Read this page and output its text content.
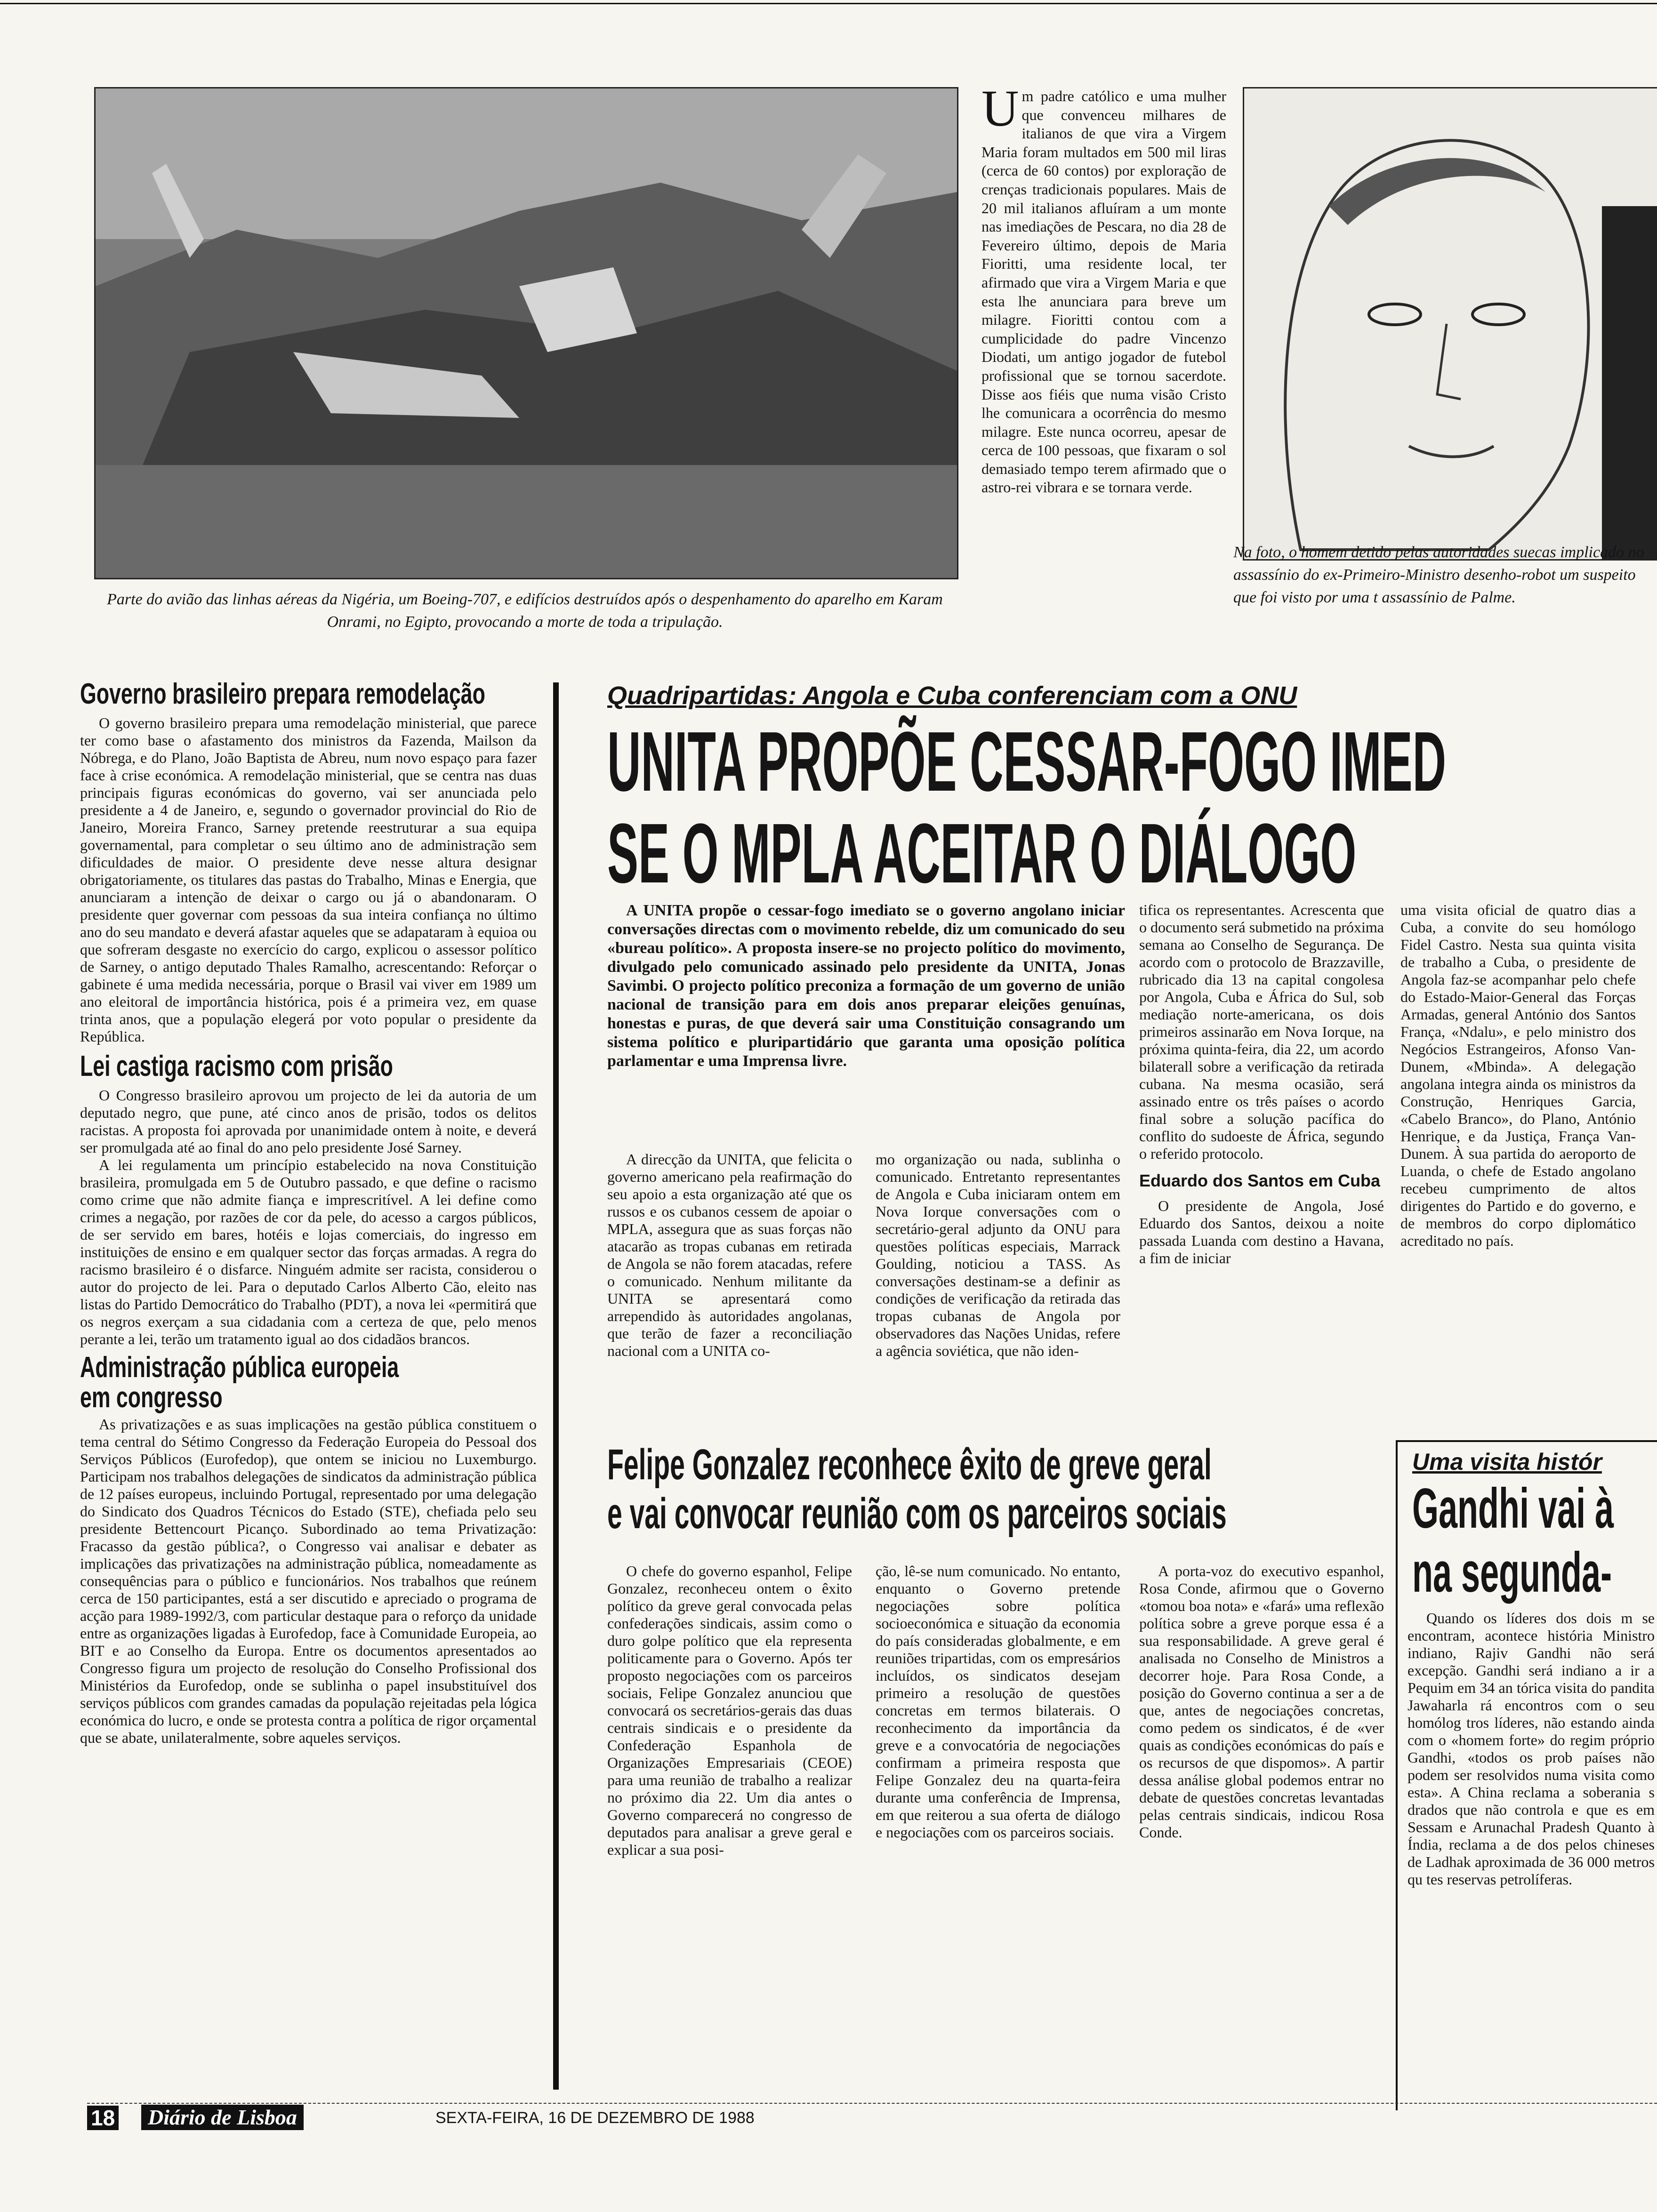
Parte do avião das linhas aéreas da Nigéria, um Boeing-707, e edifícios destruídos após o despenhamento do aparelho em Karam Onrami, no Egipto, provocando a morte de toda a tripulação.
Um padre católico e uma mulher que convenceu milhares de italianos de que vira a Virgem Maria foram multados em 500 mil liras (cerca de 60 contos) por exploração de crenças tradicionais populares. Mais de 20 mil italianos afluíram a um monte nas imediações de Pescara, no dia 28 de Fevereiro último, depois de Maria Fioritti, uma residente local, ter afirmado que vira a Virgem Maria e que esta lhe anunciara para breve um milagre. Fioritti contou com a cumplicidade do padre Vincenzo Diodati, um antigo jogador de futebol profissional que se tornou sacerdote. Disse aos fiéis que numa visão Cristo lhe comunicara a ocorrência do mesmo milagre. Este nunca ocorreu, apesar de cerca de 100 pessoas, que fixaram o sol demasiado tempo terem afirmado que o astro-rei vibrara e se tornara verde.
Na foto, o homem detido pelas autoridades suecas implicado no assassínio do ex-Primeiro-Ministro desenho-robot um suspeito que foi visto por uma t assassínio de Palme.
Governo brasileiro prepara remodelação

O governo brasileiro prepara uma remodelação ministerial, que parece ter como base o afastamento dos ministros da Fazenda, Mailson da Nóbrega, e do Plano, João Baptista de Abreu, num novo espaço para fazer face à crise económica. A remodelação ministerial, que se centra nas duas principais figuras económicas do governo, vai ser anunciada pelo presidente a 4 de Janeiro, e, segundo o governador provincial do Rio de Janeiro, Moreira Franco, Sarney pretende reestruturar a sua equipa governamental, para completar o seu último ano de administração sem dificuldades de maior. O presidente deve nesse altura designar obrigatoriamente, os titulares das pastas do Trabalho, Minas e Energia, que anunciaram a intenção de deixar o cargo ou já o abandonaram. O presidente quer governar com pessoas da sua inteira confiança no último ano do seu mandato e deverá afastar aqueles que se adapataram à equioa ou que sofreram desgaste no exercício do cargo, explicou o assessor político de Sarney, o antigo deputado Thales Ramalho, acrescentando: Reforçar o gabinete é uma medida necessária, porque o Brasil vai viver em 1989 um ano eleitoral de importância histórica, pois é a primeira vez, em quase trinta anos, que a população elegerá por voto popular o presidente da República.

Lei castiga racismo com prisão

O Congresso brasileiro aprovou um projecto de lei da autoria de um deputado negro, que pune, até cinco anos de prisão, todos os delitos racistas. A proposta foi aprovada por unanimidade ontem à noite, e deverá ser promulgada até ao final do ano pelo presidente José Sarney.

A lei regulamenta um princípio estabelecido na nova Constituição brasileira, promulgada em 5 de Outubro passado, e que define o racismo como crime que não admite fiança e imprescritível. A lei define como crimes a negação, por razões de cor da pele, do acesso a cargos públicos, de ser servido em bares, hotéis e lojas comerciais, do ingresso em instituições de ensino e em qualquer sector das forças armadas. A regra do racismo brasileiro é o disfarce. Ninguém admite ser racista, considerou o autor do projecto de lei. Para o deputado Carlos Alberto Cão, eleito nas listas do Partido Democrático do Trabalho (PDT), a nova lei «permitirá que os negros exerçam a sua cidadania com a certeza de que, pelo menos perante a lei, terão um tratamento igual ao dos cidadãos brancos.

Administração pública europeia
em congresso

As privatizações e as suas implicações na gestão pública constituem o tema central do Sétimo Congresso da Federação Europeia do Pessoal dos Serviços Públicos (Eurofedop), que ontem se iniciou no Luxemburgo. Participam nos trabalhos delegações de sindicatos da administração pública de 12 países europeus, incluindo Portugal, representado por uma delegação do Sindicato dos Quadros Técnicos do Estado (STE), chefiada pelo seu presidente Bettencourt Picanço. Subordinado ao tema Privatização: Fracasso da gestão pública?, o Congresso vai analisar e debater as implicações das privatizações na administração pública, nomeadamente as consequências para o público e funcionários. Nos trabalhos que reúnem cerca de 150 participantes, está a ser discutido e apreciado o programa de acção para 1989-1992/3, com particular destaque para o reforço da unidade entre as organizações ligadas à Eurofedop, face à Comunidade Europeia, ao BIT e ao Conselho da Europa. Entre os documentos apresentados ao Congresso figura um projecto de resolução do Conselho Profissional dos Ministérios da Eurofedop, onde se sublinha o papel insubstituível dos serviços públicos com grandes camadas da população rejeitadas pela lógica económica do lucro, e onde se protesta contra a política de rigor orçamental que se abate, unilateralmente, sobre aqueles serviços.

Quadripartidas: Angola e Cuba conferenciam com a ONU
UNITA PROPÕE CESSAR-FOGO IMED
SE O MPLA ACEITAR O DIÁLOGO

A UNITA propõe o cessar-fogo imediato se o governo angolano iniciar conversações directas com o movimento rebelde, diz um comunicado do seu «bureau político». A proposta insere-se no projecto político do movimento, divulgado pelo comunicado assinado pelo presidente da UNITA, Jonas Savimbi. O projecto político preconiza a formação de um governo de união nacional de transição para em dois anos preparar eleições genuínas, honestas e puras, de que deverá sair uma Constituição consagrando um sistema político e pluripartidário que garanta uma oposição política parlamentar e uma Imprensa livre.

A direcção da UNITA, que felicita o governo americano pela reafirmação do seu apoio a esta organização até que os russos e os cubanos cessem de apoiar o MPLA, assegura que as suas forças não atacarão as tropas cubanas em retirada de Angola se não forem atacadas, refere o comunicado. Nenhum militante da UNITA se apresentará como arrependido às autoridades angolanas, que terão de fazer a reconciliação nacional com a UNITA co-

mo organização ou nada, sublinha o comunicado. Entretanto representantes de Angola e Cuba iniciaram ontem em Nova Iorque conversações com o secretário-geral adjunto da ONU para questões políticas especiais, Marrack Goulding, noticiou a TASS. As conversações destinam-se a definir as condições de verificação da retirada das tropas cubanas de Angola por observadores das Nações Unidas, refere a agência soviética, que não iden-

tifica os representantes. Acrescenta que o documento será submetido na próxima semana ao Conselho de Segurança. De acordo com o protocolo de Brazzaville, rubricado dia 13 na capital congolesa por Angola, Cuba e África do Sul, sob mediação norte-americana, os dois primeiros assinarão em Nova Iorque, na próxima quinta-feira, dia 22, um acordo bilaterall sobre a verificação da retirada cubana. Na mesma ocasião, será assinado entre os três países o acordo final sobre a solução pacífica do conflito do sudoeste de África, segundo o referido protocolo.

Eduardo dos Santos em Cuba

O presidente de Angola, José Eduardo dos Santos, deixou a noite passada Luanda com destino a Havana, a fim de iniciar

uma visita oficial de quatro dias a Cuba, a convite do seu homólogo Fidel Castro. Nesta sua quinta visita de trabalho a Cuba, o presidente de Angola faz-se acompanhar pelo chefe do Estado-Maior-General das Forças Armadas, general António dos Santos França, «Ndalu», e pelo ministro dos Negócios Estrangeiros, Afonso Van-Dunem, «Mbinda». A delegação angolana integra ainda os ministros da Construção, Henriques Garcia, «Cabelo Branco», do Plano, António Henrique, e da Justiça, França Van-Dunem. À sua partida do aeroporto de Luanda, o chefe de Estado angolano recebeu cumprimento de altos dirigentes do Partido e do governo, e de membros do corpo diplomático acreditado no país.

Felipe Gonzalez reconhece êxito de greve geral
e vai convocar reunião com os parceiros sociais

O chefe do governo espanhol, Felipe Gonzalez, reconheceu ontem o êxito político da greve geral convocada pelas confederações sindicais, assim como o duro golpe político que ela representa politicamente para o Governo. Após ter proposto negociações com os parceiros sociais, Felipe Gonzalez anunciou que convocará os secretários-gerais das duas centrais sindicais e o presidente da Confederação Espanhola de Organizações Empresariais (CEOE) para uma reunião de trabalho a realizar no próximo dia 22. Um dia antes o Governo comparecerá no congresso de deputados para analisar a greve geral e explicar a sua posi-

ção, lê-se num comunicado. No entanto, enquanto o Governo pretende negociações sobre política socioeconómica e situação da economia do país consideradas globalmente, e em reuniões tripartidas, com os empresários incluídos, os sindicatos desejam primeiro a resolução de questões concretas em termos bilaterais. O reconhecimento da importância da greve e a convocatória de negociações confirmam a primeira resposta que Felipe Gonzalez deu na quarta-feira durante uma conferência de Imprensa, em que reiterou a sua oferta de diálogo e negociações com os parceiros sociais.

A porta-voz do executivo espanhol, Rosa Conde, afirmou que o Governo «tomou boa nota» e «fará» uma reflexão política sobre a greve porque essa é a sua responsabilidade. A greve geral é analisada no Conselho de Ministros a decorrer hoje. Para Rosa Conde, a posição do Governo continua a ser a de que, antes de negociações concretas, como pedem os sindicatos, é de «ver quais as condições económicas do país e os recursos de que dispomos». A partir dessa análise global podemos entrar no debate de questões concretas levantadas pelas centrais sindicais, indicou Rosa Conde.

Uma visita histór
Gandhi vai à
na segunda-

Quando os líderes dos dois m se encontram, acontece história Ministro indiano, Rajiv Gandhi não será excepção. Gandhi será indiano a ir a Pequim em 34 an tórica visita do pandita Jawaharla rá encontros com o seu homólog tros líderes, não estando ainda com o «homem forte» do regim próprio Gandhi, «todos os prob países não podem ser resolvidos numa visita como esta». A China reclama a soberania s drados que não controla e que es em Sessam e Arunachal Pradesh Quanto à Índia, reclama a de dos pelos chineses de Ladhak aproximada de 36 000 metros qu tes reservas petrolíferas.

18	Diário de Lisboa	SEXTA-FEIRA, 16 DE DEZEMBRO DE 1988
